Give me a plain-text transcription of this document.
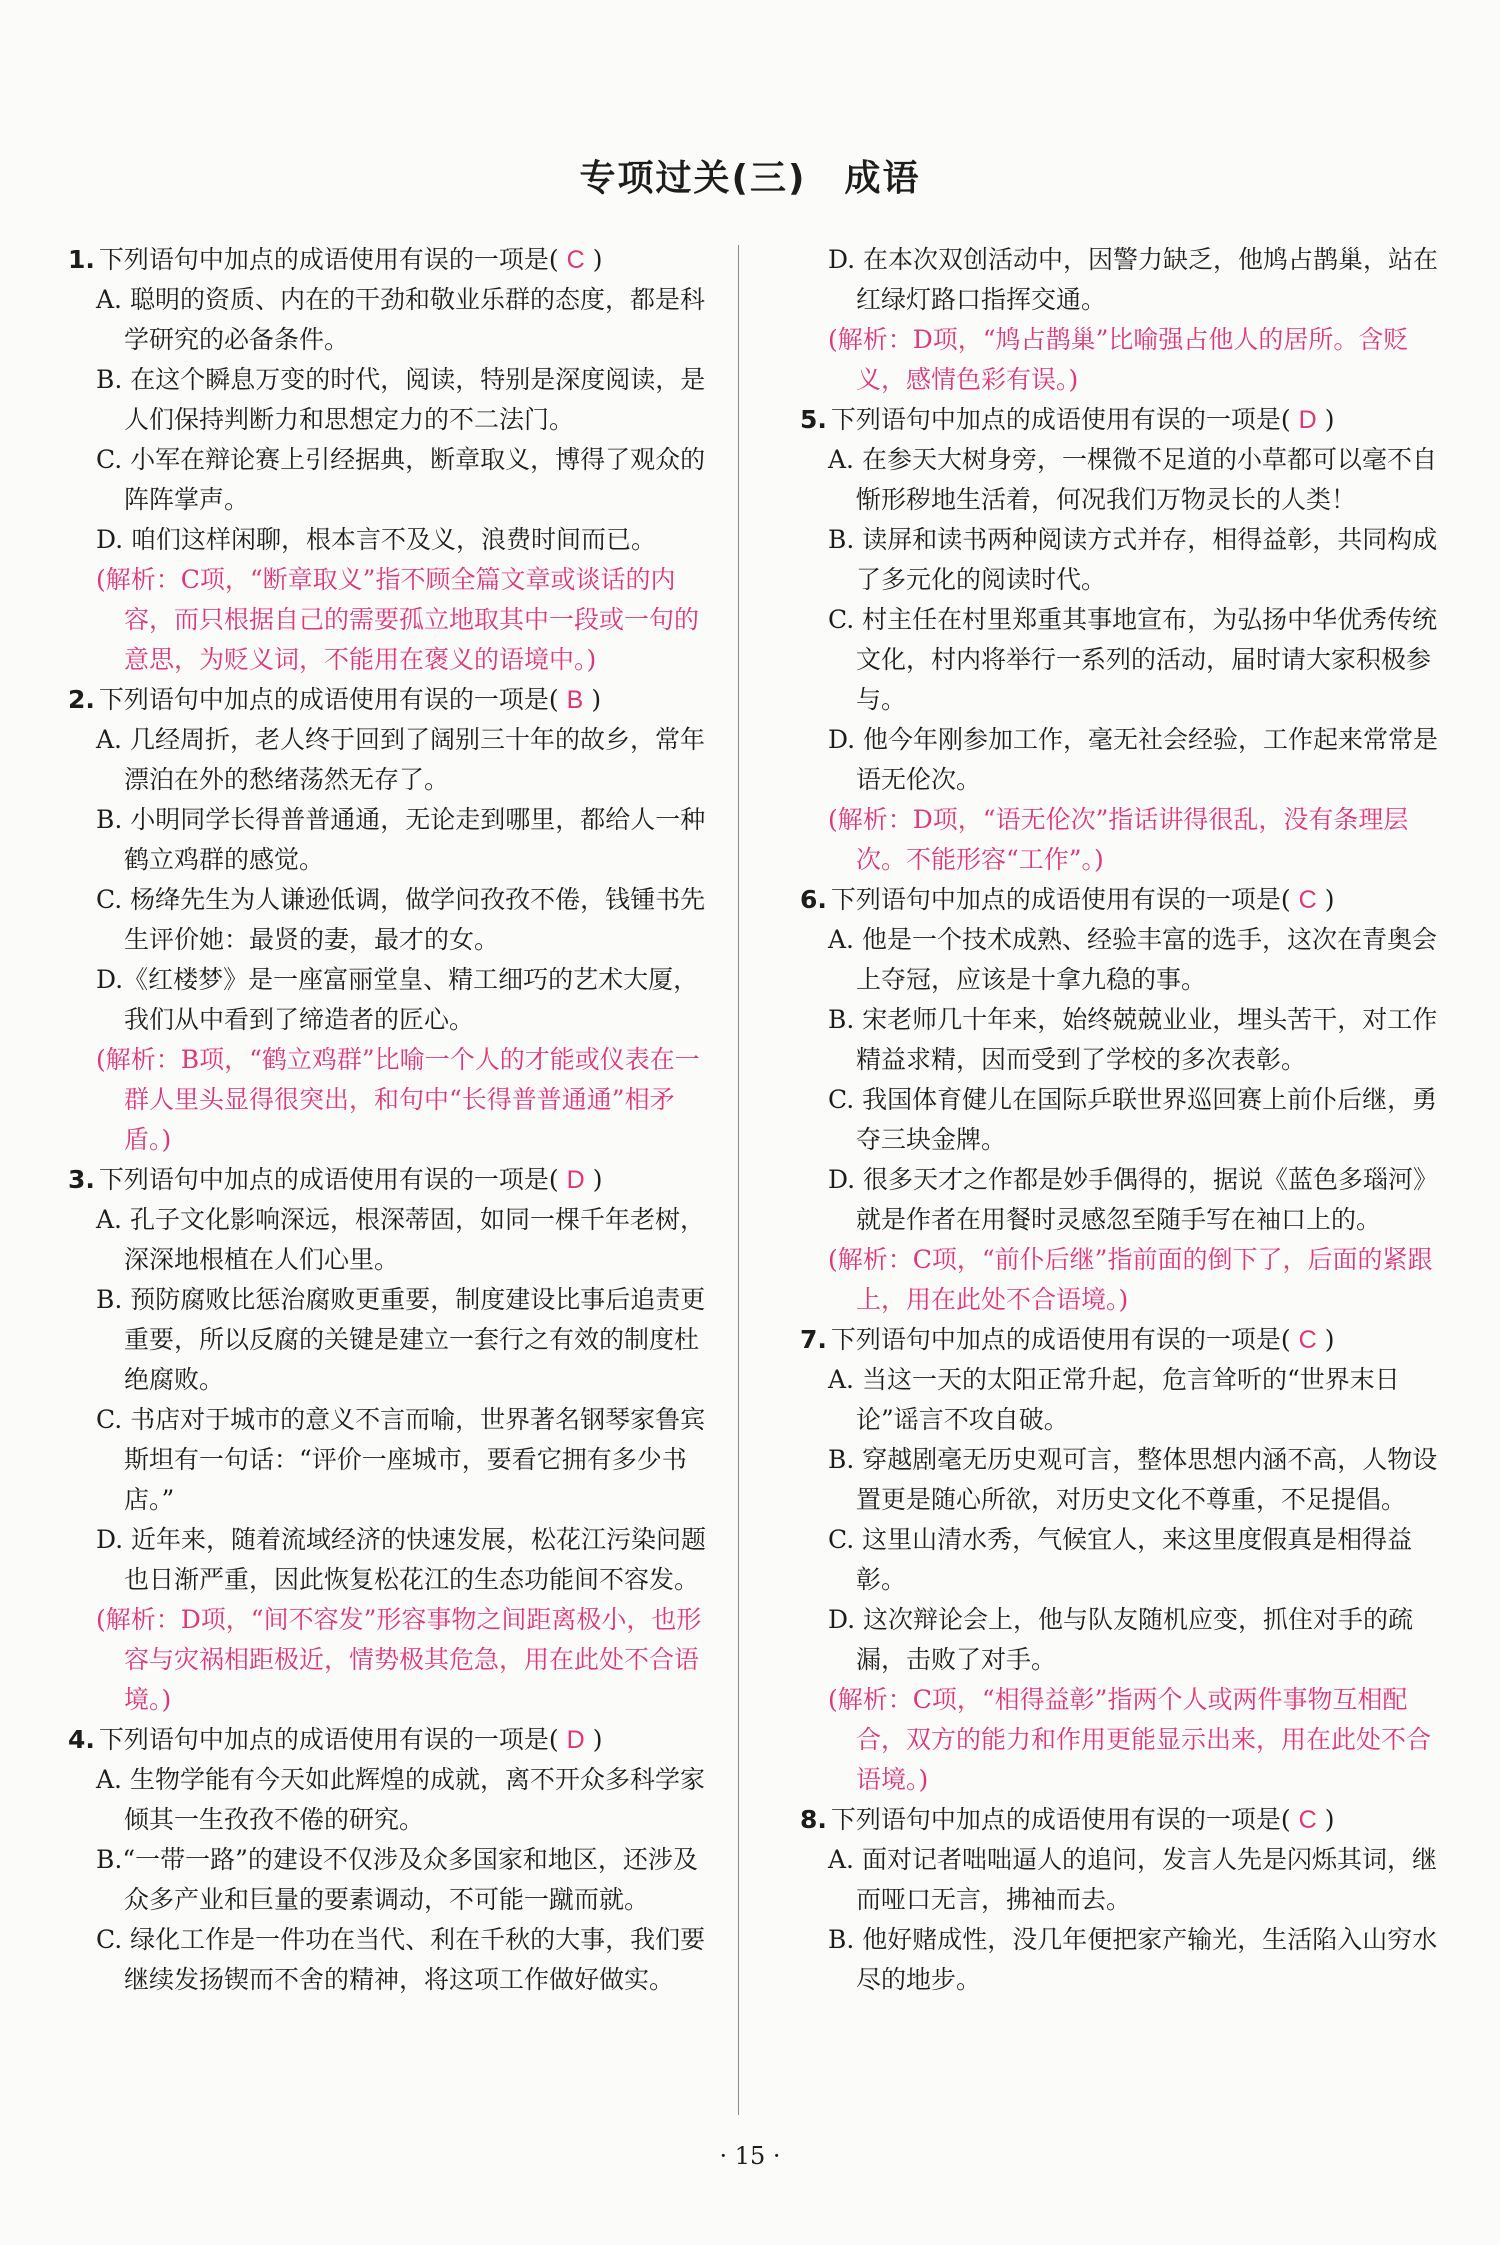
专项过关(三)　成语
1. 下列语句中加点的成语使用有误的一项是( C )
A. 聪明的资质、内在的干劲和敬业乐群的态度，都是科学研究的必备条件。
B. 在这个瞬息万变的时代，阅读，特别是深度阅读，是人们保持判断力和思想定力的不二法门。
C. 小军在辩论赛上引经据典，断章取义，博得了观众的阵阵掌声。
D. 咱们这样闲聊，根本言不及义，浪费时间而已。
(解析：C项，“断章取义”指不顾全篇文章或谈话的内容，而只根据自己的需要孤立地取其中一段或一句的意思，为贬义词，不能用在褒义的语境中。)
2. 下列语句中加点的成语使用有误的一项是( B )
A. 几经周折，老人终于回到了阔别三十年的故乡，常年漂泊在外的愁绪荡然无存了。
B. 小明同学长得普普通通，无论走到哪里，都给人一种鹤立鸡群的感觉。
C. 杨绛先生为人谦逊低调，做学问孜孜不倦，钱锺书先生评价她：最贤的妻，最才的女。
D.《红楼梦》是一座富丽堂皇、精工细巧的艺术大厦，我们从中看到了缔造者的匠心。
(解析：B项，“鹤立鸡群”比喻一个人的才能或仪表在一群人里头显得很突出，和句中“长得普普通通”相矛盾。)
3. 下列语句中加点的成语使用有误的一项是( D )
A. 孔子文化影响深远，根深蒂固，如同一棵千年老树，深深地根植在人们心里。
B. 预防腐败比惩治腐败更重要，制度建设比事后追责更重要，所以反腐的关键是建立一套行之有效的制度杜绝腐败。
C. 书店对于城市的意义不言而喻，世界著名钢琴家鲁宾斯坦有一句话：“评价一座城市，要看它拥有多少书店。”
D. 近年来，随着流域经济的快速发展，松花江污染问题也日渐严重，因此恢复松花江的生态功能间不容发。
(解析：D项，“间不容发”形容事物之间距离极小，也形容与灾祸相距极近，情势极其危急，用在此处不合语境。)
4. 下列语句中加点的成语使用有误的一项是( D )
A. 生物学能有今天如此辉煌的成就，离不开众多科学家倾其一生孜孜不倦的研究。
B.“一带一路”的建设不仅涉及众多国家和地区，还涉及众多产业和巨量的要素调动，不可能一蹴而就。
C. 绿化工作是一件功在当代、利在千秋的大事，我们要继续发扬锲而不舍的精神，将这项工作做好做实。
D. 在本次双创活动中，因警力缺乏，他鸠占鹊巢，站在红绿灯路口指挥交通。
(解析：D项，“鸠占鹊巢”比喻强占他人的居所。含贬义，感情色彩有误。)
5. 下列语句中加点的成语使用有误的一项是( D )
A. 在参天大树身旁，一棵微不足道的小草都可以毫不自惭形秽地生活着，何况我们万物灵长的人类！
B. 读屏和读书两种阅读方式并存，相得益彰，共同构成了多元化的阅读时代。
C. 村主任在村里郑重其事地宣布，为弘扬中华优秀传统文化，村内将举行一系列的活动，届时请大家积极参与。
D. 他今年刚参加工作，毫无社会经验，工作起来常常是语无伦次。
(解析：D项，“语无伦次”指话讲得很乱，没有条理层次。不能形容“工作”。)
6. 下列语句中加点的成语使用有误的一项是( C )
A. 他是一个技术成熟、经验丰富的选手，这次在青奥会上夺冠，应该是十拿九稳的事。
B. 宋老师几十年来，始终兢兢业业，埋头苦干，对工作精益求精，因而受到了学校的多次表彰。
C. 我国体育健儿在国际乒联世界巡回赛上前仆后继，勇夺三块金牌。
D. 很多天才之作都是妙手偶得的，据说《蓝色多瑙河》就是作者在用餐时灵感忽至随手写在袖口上的。
(解析：C项，“前仆后继”指前面的倒下了，后面的紧跟上，用在此处不合语境。)
7. 下列语句中加点的成语使用有误的一项是( C )
A. 当这一天的太阳正常升起，危言耸听的“世界末日论”谣言不攻自破。
B. 穿越剧毫无历史观可言，整体思想内涵不高，人物设置更是随心所欲，对历史文化不尊重，不足提倡。
C. 这里山清水秀，气候宜人，来这里度假真是相得益彰。
D. 这次辩论会上，他与队友随机应变，抓住对手的疏漏，击败了对手。
(解析：C项，“相得益彰”指两个人或两件事物互相配合，双方的能力和作用更能显示出来，用在此处不合语境。)
8. 下列语句中加点的成语使用有误的一项是( C )
A. 面对记者咄咄逼人的追问，发言人先是闪烁其词，继而哑口无言，拂袖而去。
B. 他好赌成性，没几年便把家产输光，生活陷入山穷水尽的地步。
· 15 ·
